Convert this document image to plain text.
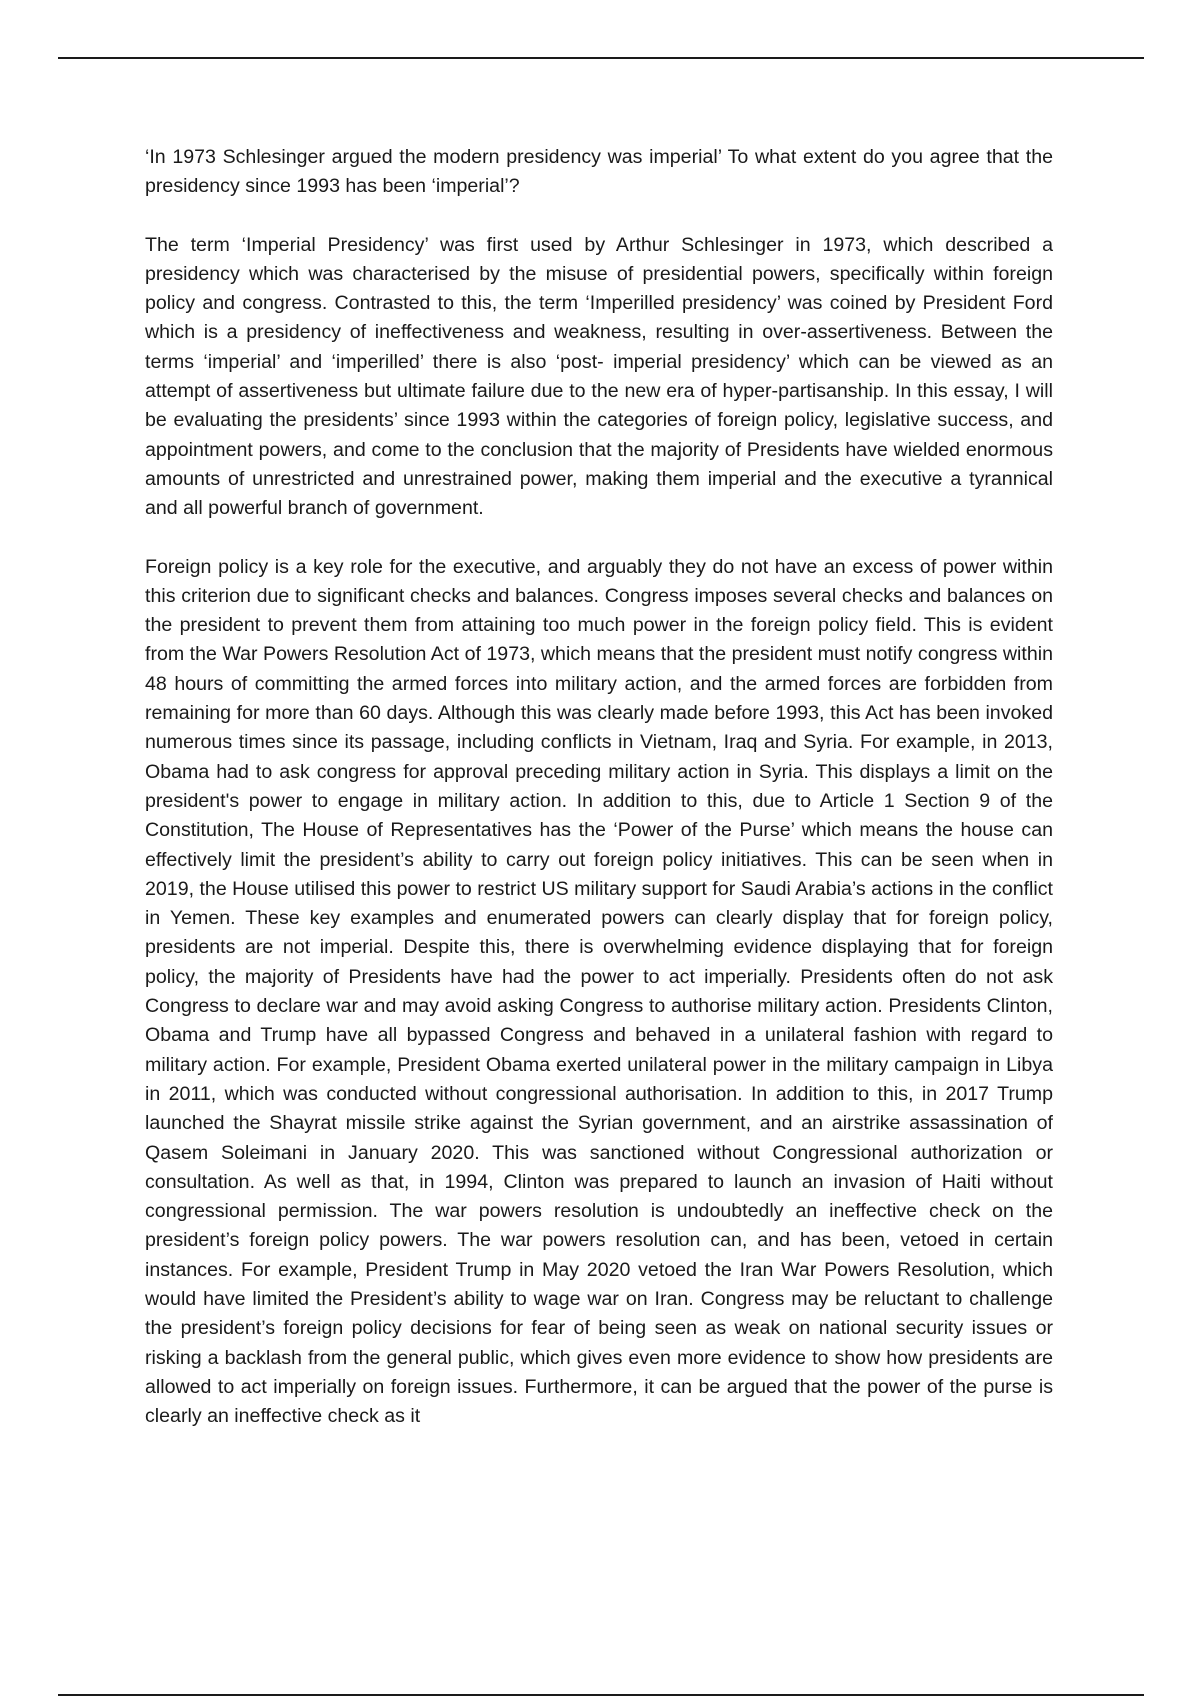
‘In 1973 Schlesinger argued the modern presidency was imperial’ To what extent do you agree that the presidency since 1993 has been ‘imperial’?

The term ‘Imperial Presidency’ was first used by Arthur Schlesinger in 1973, which described a presidency which was characterised by the misuse of presidential powers, specifically within foreign policy and congress. Contrasted to this, the term ‘Imperilled presidency’ was coined by President Ford which is a presidency of ineffectiveness and weakness, resulting in over-assertiveness. Between the terms ‘imperial’ and ‘imperilled’ there is also ‘post- imperial presidency’ which can be viewed as an attempt of assertiveness but ultimate failure due to the new era of hyper-partisanship. In this essay, I will be evaluating the presidents’ since 1993 within the categories of foreign policy, legislative success, and appointment powers, and come to the conclusion that the majority of Presidents have wielded enormous amounts of unrestricted and unrestrained power, making them imperial and the executive a tyrannical and all powerful branch of government.

Foreign policy is a key role for the executive, and arguably they do not have an excess of power within this criterion due to significant checks and balances. Congress imposes several checks and balances on the president to prevent them from attaining too much power in the foreign policy field. This is evident from the War Powers Resolution Act of 1973, which means that the president must notify congress within 48 hours of committing the armed forces into military action, and the armed forces are forbidden from remaining for more than 60 days. Although this was clearly made before 1993, this Act has been invoked numerous times since its passage, including conflicts in Vietnam, Iraq and Syria. For example, in 2013, Obama had to ask congress for approval preceding military action in Syria. This displays a limit on the president's power to engage in military action. In addition to this, due to Article 1 Section 9 of the Constitution, The House of Representatives has the ‘Power of the Purse’ which means the house can effectively limit the president’s ability to carry out foreign policy initiatives. This can be seen when in 2019, the House utilised this power to restrict US military support for Saudi Arabia’s actions in the conflict in Yemen. These key examples and enumerated powers can clearly display that for foreign policy, presidents are not imperial. Despite this, there is overwhelming evidence displaying that for foreign policy, the majority of Presidents have had the power to act imperially. Presidents often do not ask Congress to declare war and may avoid asking Congress to authorise military action. Presidents Clinton, Obama and Trump have all bypassed Congress and behaved in a unilateral fashion with regard to military action. For example, President Obama exerted unilateral power in the military campaign in Libya in 2011, which was conducted without congressional authorisation. In addition to this, in 2017 Trump launched the Shayrat missile strike against the Syrian government, and an airstrike assassination of Qasem Soleimani in January 2020. This was sanctioned without Congressional authorization or consultation. As well as that, in 1994, Clinton was prepared to launch an invasion of Haiti without congressional permission. The war powers resolution is undoubtedly an ineffective check on the president’s foreign policy powers. The war powers resolution can, and has been, vetoed in certain instances. For example, President Trump in May 2020 vetoed the Iran War Powers Resolution, which would have limited the President’s ability to wage war on Iran. Congress may be reluctant to challenge the president’s foreign policy decisions for fear of being seen as weak on national security issues or risking a backlash from the general public, which gives even more evidence to show how presidents are allowed to act imperially on foreign issues. Furthermore, it can be argued that the power of the purse is clearly an ineffective check as it
